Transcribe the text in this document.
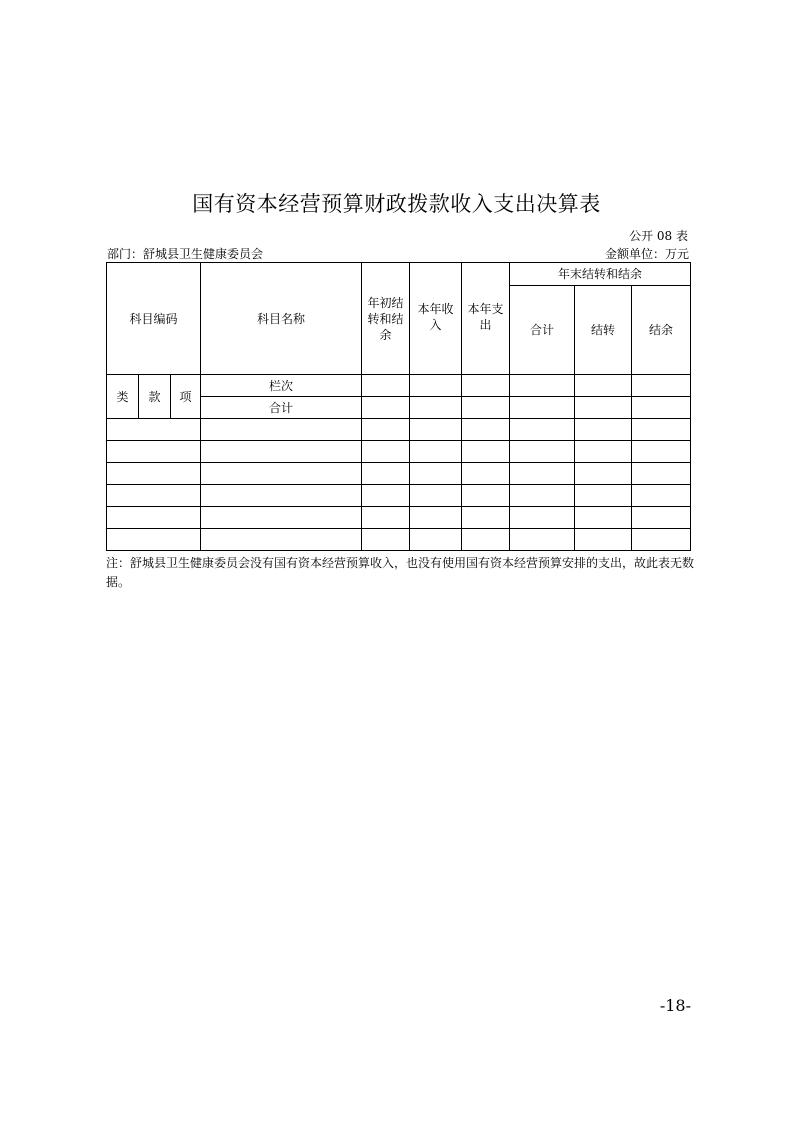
国有资本经营预算财政拨款收入支出决算表
公开 08 表
部门：舒城县卫生健康委员会	金额单位：万元
科目编码			科目名称	年初结转和结余	本年收入	本年支出	年末结转和结余		
							合计	结转	结余
类	款	项	栏次						
			合计						

注：舒城县卫生健康委员会没有国有资本经营预算收入，也没有使用国有资本经营预算安排的支出，故此表无数据。
-18-
